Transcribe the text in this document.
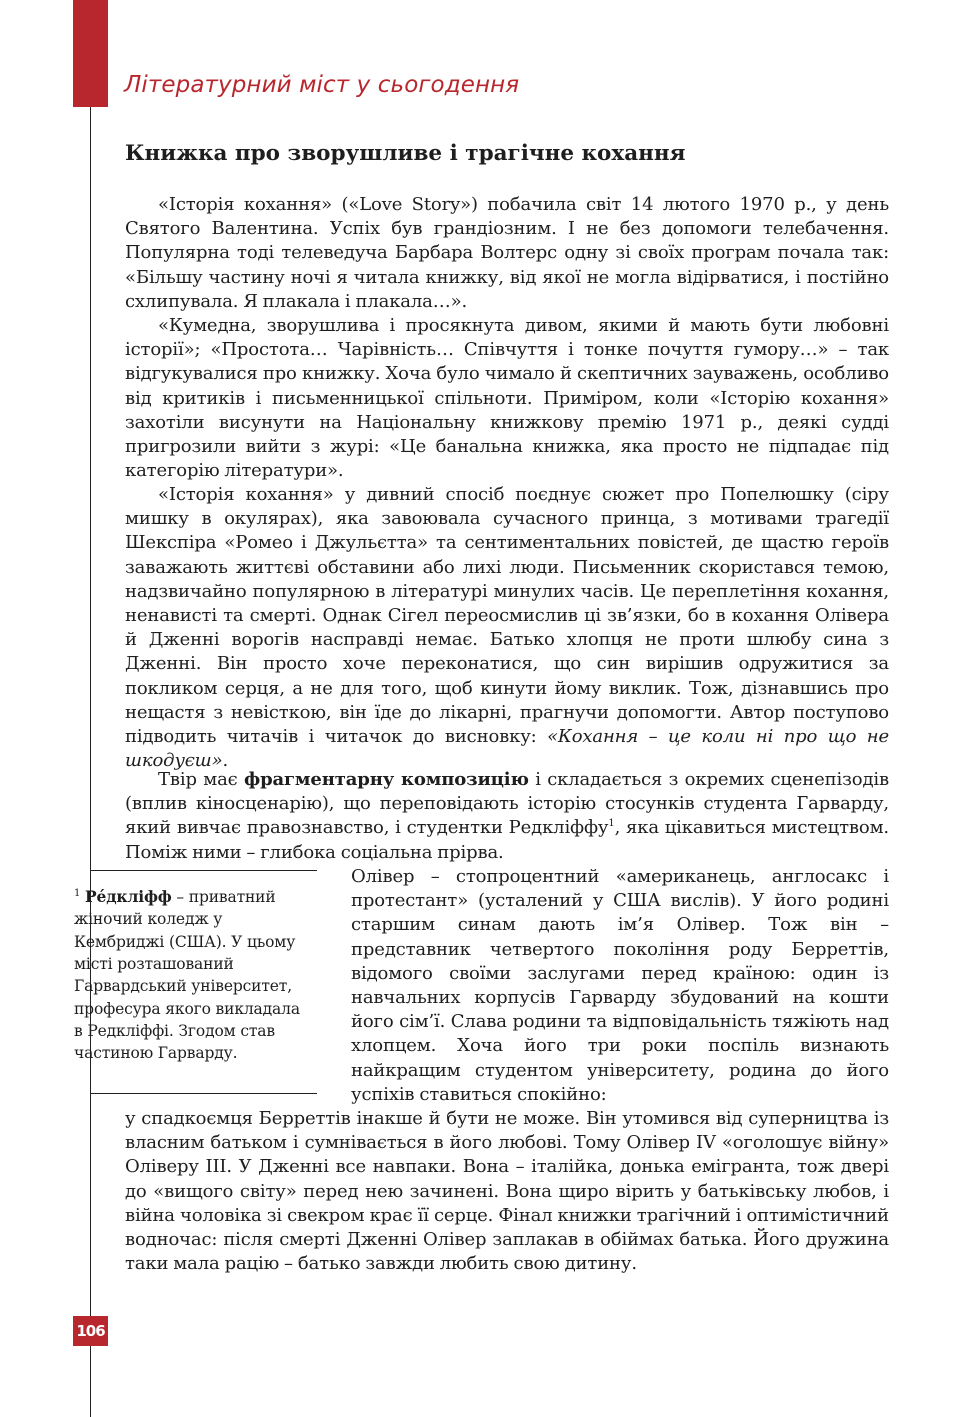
Літературний міст у сьогодення
Книжка про зворушливе і трагічне кохання

«Історія кохання» («Love Story») побачила світ 14 лютого 1970 р., у день Святого Валентина. Успіх був грандіозним. І не без допомоги телебачення. Популярна тоді телеведуча Барбара Волтерс одну зі своїх програм почала так: «Більшу частину ночі я читала книжку, від якої не могла відірватися, і постійно схлипувала. Я плакала і плакала…».

«Кумедна, зворушлива і просякнута дивом, якими й мають бути любовні історії»; «Простота… Чарівність… Співчуття і тонке почуття гумору…» – так відгукувалися про книжку. Хоча було чимало й скептичних зауважень, особливо від критиків і письменницької спільноти. Приміром, коли «Історію кохання» захотіли висунути на Національну книжкову премію 1971 р., деякі судді пригрозили вийти з журі: «Це банальна книжка, яка просто не підпадає під категорію літератури».

«Історія кохання» у дивний спосіб поєднує сюжет про Попелюшку (сіру мишку в окулярах), яка завоювала сучасного принца, з мотивами трагедії Шекспіра «Ромео і Джульєтта» та сентиментальних повістей, де щастю героїв заважають життєві обставини або лихі люди. Письменник скористався темою, надзвичайно популярною в літературі минулих часів. Це переплетіння кохання, ненависті та смерті. Однак Сігел переосмислив ці зв’язки, бо в кохання Олівера й Дженні ворогів насправді немає. Батько хлопця не проти шлюбу сина з Дженні. Він просто хоче переконатися, що син вирішив одружитися за покликом серця, а не для того, щоб кинути йому виклик. Тож, дізнавшись про нещастя з невісткою, він їде до лікарні, прагнучи допомогти. Автор поступово підводить читачів і читачок до висновку: «Кохання – це коли ні про що не шкодуєш».

Твір має фрагментарну композицію і складається з окремих сценепізодів (вплив кіносценарію), що переповідають історію стосунків студента Гарварду, який вивчає правознавство, і студентки Редкліффу$^1$, яка цікавиться мистецтвом. Поміж ними – глибока соціальна прірва.

Олівер – стопроцентний «американець, англосакс і протестант» (усталений у США вислів). У його родині старшим синам дають ім’я Олівер. Тож він – представник четвертого покоління роду Берреттів, відомого своїми заслугами перед країною: один із навчальних корпусів Гарварду збудований на кошти його сім’ї. Слава родини та відповідальність тяжіють над хлопцем. Хоча його три роки поспіль визнають найкращим студентом університету, родина до його успіхів ставиться спокійно:

у спадкоємця Берреттів інакше й бути не може. Він утомився від суперництва із власним батьком і сумнівається в його любові. Тому Олівер IV «оголошує війну» Оліверу ІІІ. У Дженні все навпаки. Вона – італійка, донька емігранта, тож двері до «вищого світу» перед нею зачинені. Вона щиро вірить у батьківську любов, і війна чоловіка зі свекром крає її серце. Фінал книжки трагічний і оптимістичний водночас: після смерті Дженні Олівер заплакав в обіймах батька. Його дружина таки мала рацію – батько завжди любить свою дитину.

$^1$ Рéдкліфф – приватний жіночий коледж у Кембриджі (США). У цьому місті розташований Гарвардський університет, професура якого викладала в Редкліффі. Згодом став частиною Гарварду.

106
